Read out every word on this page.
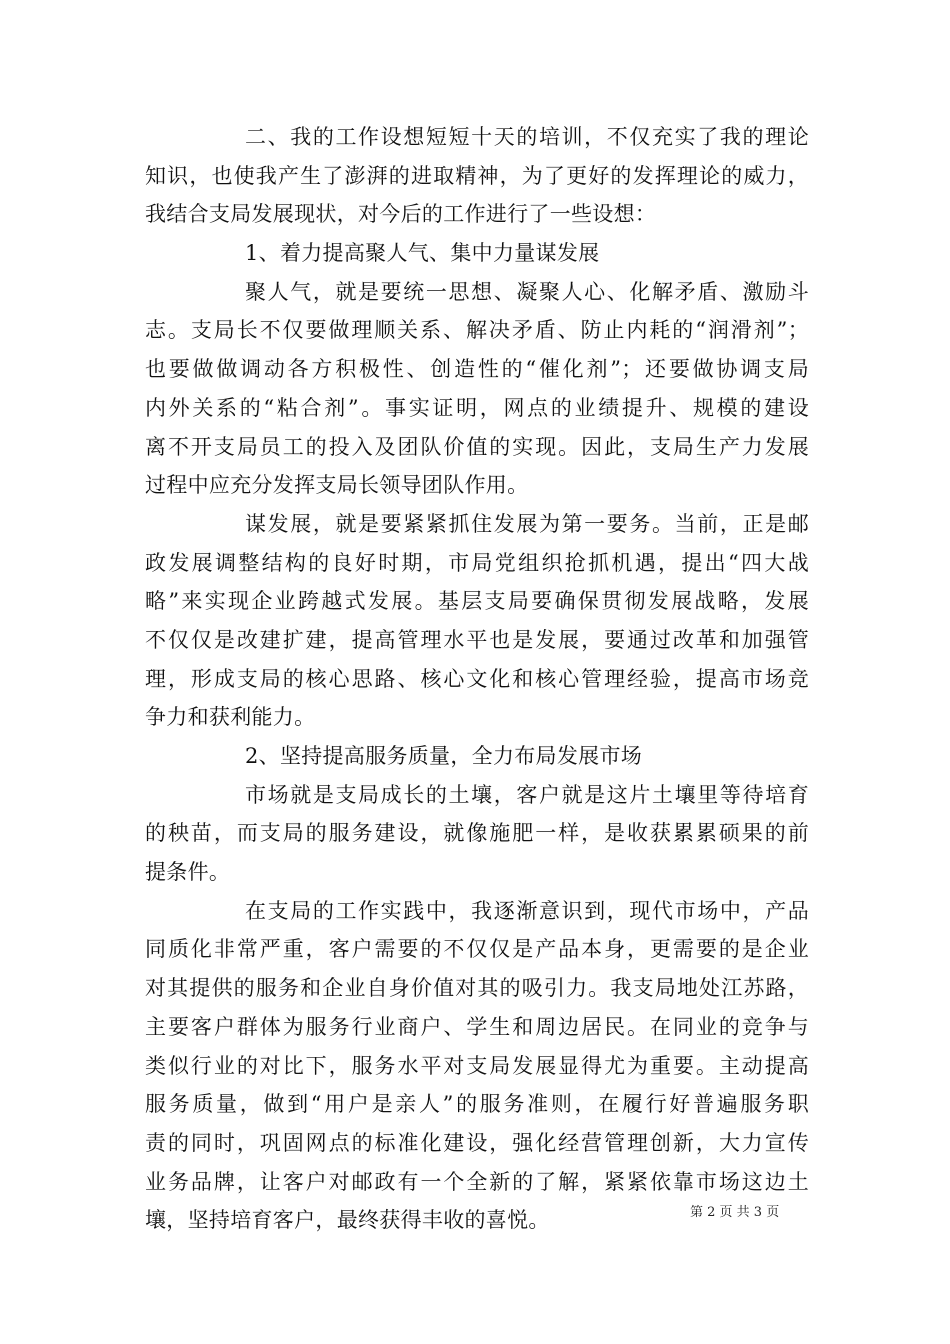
二、我的工作设想短短十天的培训，不仅充实了我的理论
知识，也使我产生了澎湃的进取精神，为了更好的发挥理论的威力，
我结合支局发展现状，对今后的工作进行了一些设想：
1、着力提高聚人气、集中力量谋发展
聚人气，就是要统一思想、凝聚人心、化解矛盾、激励斗
志。支局长不仅要做理顺关系、解决矛盾、防止内耗的“润滑剂”；
也要做做调动各方积极性、创造性的“催化剂”；还要做协调支局
内外关系的“粘合剂”。事实证明，网点的业绩提升、规模的建设
离不开支局员工的投入及团队价值的实现。因此，支局生产力发展
过程中应充分发挥支局长领导团队作用。
谋发展，就是要紧紧抓住发展为第一要务。当前，正是邮
政发展调整结构的良好时期，市局党组织抢抓机遇，提出“四大战
略”来实现企业跨越式发展。基层支局要确保贯彻发展战略，发展
不仅仅是改建扩建，提高管理水平也是发展，要通过改革和加强管
理，形成支局的核心思路、核心文化和核心管理经验，提高市场竞
争力和获利能力。
2、坚持提高服务质量，全力布局发展市场
市场就是支局成长的土壤，客户就是这片土壤里等待培育
的秧苗，而支局的服务建设，就像施肥一样，是收获累累硕果的前
提条件。
在支局的工作实践中，我逐渐意识到，现代市场中，产品
同质化非常严重，客户需要的不仅仅是产品本身，更需要的是企业
对其提供的服务和企业自身价值对其的吸引力。我支局地处江苏路，
主要客户群体为服务行业商户、学生和周边居民。在同业的竞争与
类似行业的对比下，服务水平对支局发展显得尤为重要。主动提高
服务质量，做到“用户是亲人”的服务准则，在履行好普遍服务职
责的同时，巩固网点的标准化建设，强化经营管理创新，大力宣传
业务品牌，让客户对邮政有一个全新的了解，紧紧依靠市场这边土
壤，坚持培育客户，最终获得丰收的喜悦。	第 2 页 共 3 页
